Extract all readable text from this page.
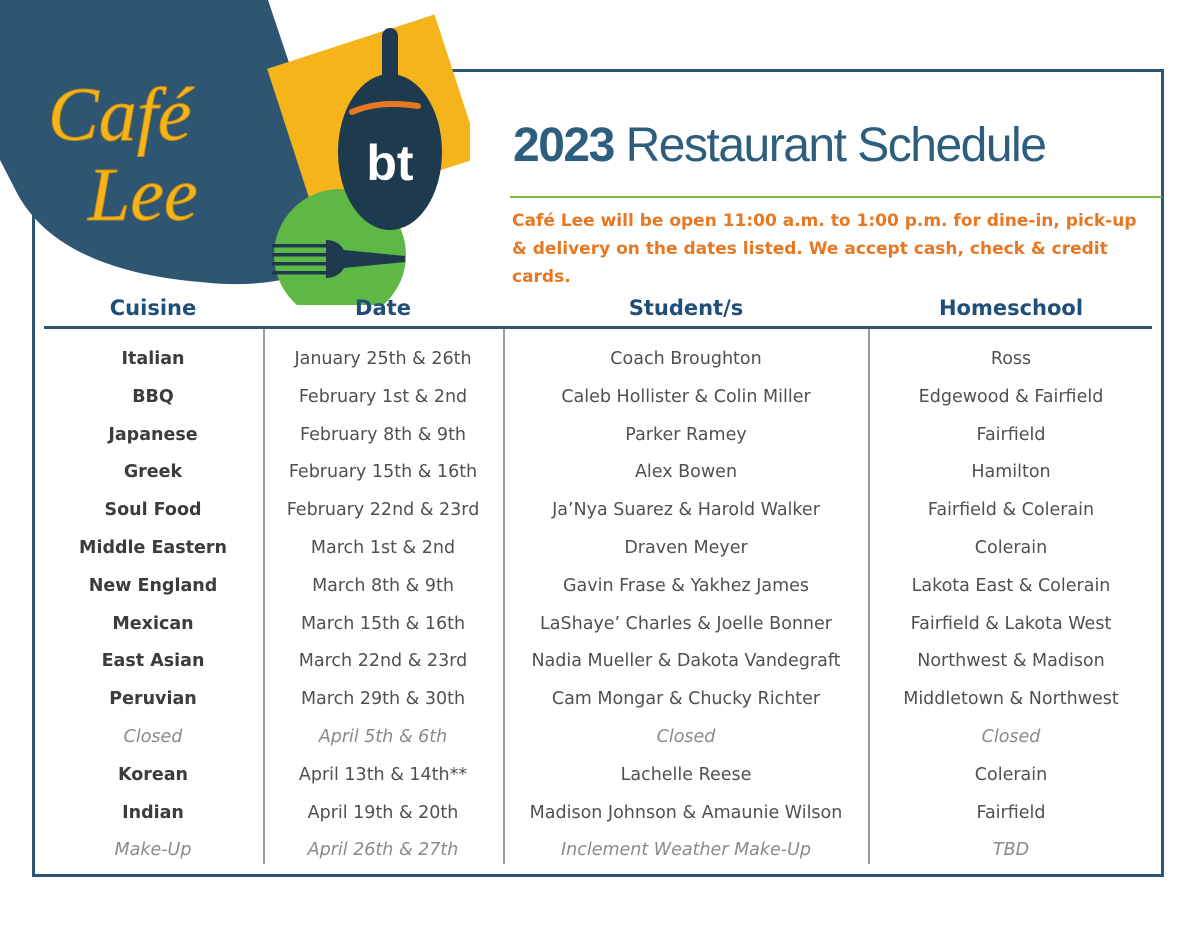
bt
Café
Lee
2023 Restaurant Schedule

Café Lee will be open 11:00 a.m. to 1:00 p.m. for dine-in, pick-up & delivery on the dates listed. We accept cash, check & credit cards.

Cuisine	Date	Student/s	Homeschool
Italian	January 25th & 26th	Coach Broughton	Ross
BBQ	February 1st & 2nd	Caleb Hollister & Colin Miller	Edgewood & Fairfield
Japanese	February 8th & 9th	Parker Ramey	Fairfield
Greek	February 15th & 16th	Alex Bowen	Hamilton
Soul Food	February 22nd & 23rd	Ja’Nya Suarez & Harold Walker	Fairfield & Colerain
Middle Eastern	March 1st & 2nd	Draven Meyer	Colerain
New England	March 8th & 9th	Gavin Frase & Yakhez James	Lakota East & Colerain
Mexican	March 15th & 16th	LaShaye’ Charles & Joelle Bonner	Fairfield & Lakota West
East Asian	March 22nd & 23rd	Nadia Mueller & Dakota Vandegraft	Northwest & Madison
Peruvian	March 29th & 30th	Cam Mongar & Chucky Richter	Middletown & Northwest
Closed	April 5th & 6th	Closed	Closed
Korean	April 13th & 14th**	Lachelle Reese	Colerain
Indian	April 19th & 20th	Madison Johnson & Amaunie Wilson	Fairfield
Make-Up	April 26th & 27th	Inclement Weather Make-Up	TBD
